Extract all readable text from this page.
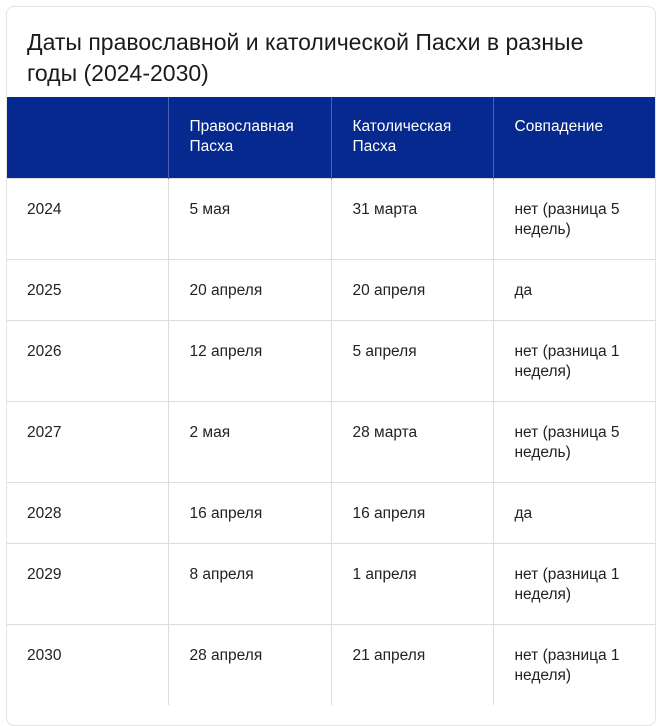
Даты православной и католической Пасхи в разные годы (2024-2030)
	Православная Пасха	Католическая Пасха	Совпадение
2024	5 мая	31 марта	нет (разница 5 недель)
2025	20 апреля	20 апреля	да
2026	12 апреля	5 апреля	нет (разница 1 неделя)
2027	2 мая	28 марта	нет (разница 5 недель)
2028	16 апреля	16 апреля	да
2029	8 апреля	1 апреля	нет (разница 1 неделя)
2030	28 апреля	21 апреля	нет (разница 1 неделя)
